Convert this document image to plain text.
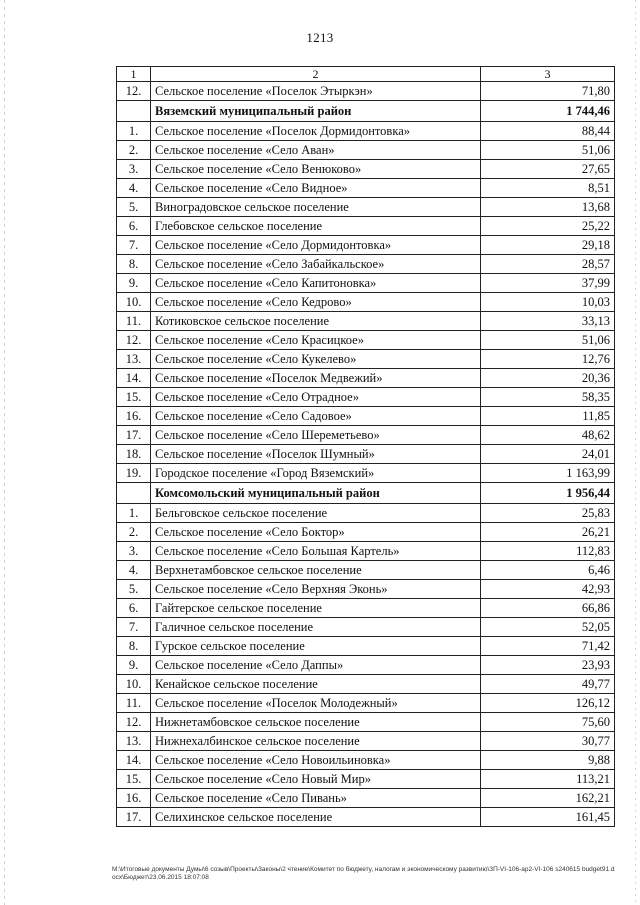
1213
1	2	3
12.	Сельское поселение «Поселок Этыркэн»	71,80
	Вяземский муниципальный район	1 744,46
1.	Сельское поселение «Поселок Дормидонтовка»	88,44
2.	Сельское поселение «Село Аван»	51,06
3.	Сельское поселение «Село Венюково»	27,65
4.	Сельское поселение «Село Видное»	8,51
5.	Виноградовское сельское поселение	13,68
6.	Глебовское сельское поселение	25,22
7.	Сельское поселение «Село Дормидонтовка»	29,18
8.	Сельское поселение «Село Забайкальское»	28,57
9.	Сельское поселение «Село Капитоновка»	37,99
10.	Сельское поселение «Село Кедрово»	10,03
11.	Котиковское сельское поселение	33,13
12.	Сельское поселение «Село Красицкое»	51,06
13.	Сельское поселение «Село Кукелево»	12,76
14.	Сельское поселение «Поселок Медвежий»	20,36
15.	Сельское поселение «Село Отрадное»	58,35
16.	Сельское поселение «Село Садовое»	11,85
17.	Сельское поселение «Село Шереметьево»	48,62
18.	Сельское поселение «Поселок Шумный»	24,01
19.	Городское поселение «Город Вяземский»	1 163,99
	Комсомольский муниципальный район	1 956,44
1.	Бельговское сельское поселение	25,83
2.	Сельское поселение «Село Боктор»	26,21
3.	Сельское поселение «Село Большая Картель»	112,83
4.	Верхнетамбовское сельское поселение	6,46
5.	Сельское поселение «Село Верхняя Эконь»	42,93
6.	Гайтерское сельское поселение	66,86
7.	Галичное сельское поселение	52,05
8.	Гурское сельское поселение	71,42
9.	Сельское поселение «Село Даппы»	23,93
10.	Кенайское сельское поселение	49,77
11.	Сельское поселение «Поселок Молодежный»	126,12
12.	Нижнетамбовское сельское поселение	75,60
13.	Нижнехалбинское сельское поселение	30,77
14.	Сельское поселение «Село Новоильиновка»	9,88
15.	Сельское поселение «Село Новый Мир»	113,21
16.	Сельское поселение «Село Пивань»	162,21
17.	Селихинское сельское поселение	161,45
M:\Итоговые документы Думы\6 созыв\Проекты\Законы\2 чтение\Комитет по бюджету, налогам и экономическому развитию\ЗП-VI-106-ap2-VI-106 s240615 budget91.docx\Бюджет\23.06.2015 18:07:08
